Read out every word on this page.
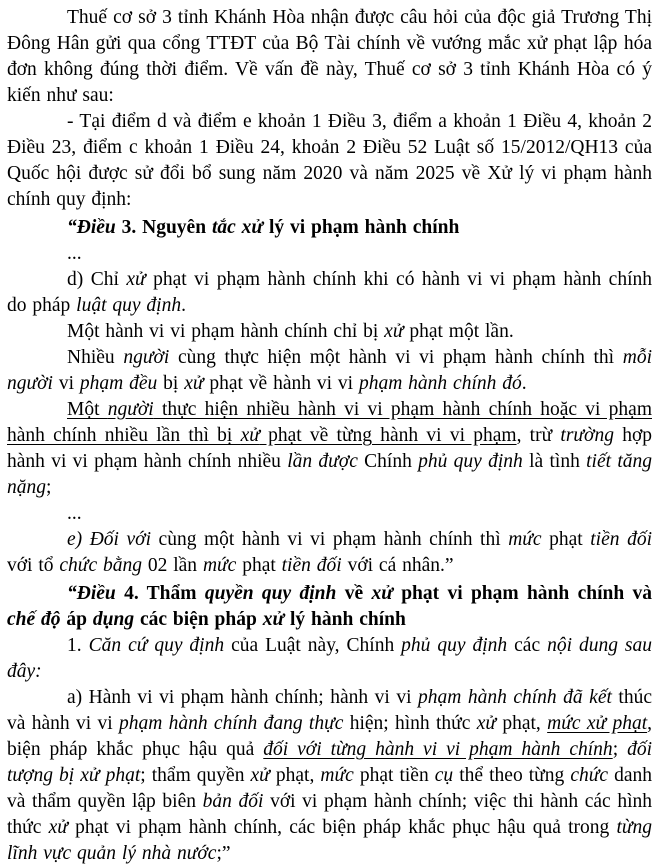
Thuế cơ sở 3 tỉnh Khánh Hòa nhận được câu hỏi của độc giả Trương Thị Đông Hân gửi qua cổng TTĐT của Bộ Tài chính về vướng mắc xử phạt lập hóa đơn không đúng thời điểm. Về vấn đề này, Thuế cơ sở 3 tỉnh Khánh Hòa có ý kiến như sau:

- Tại điểm d và điểm e khoản 1 Điều 3, điểm a khoản 1 Điều 4, khoản 2 Điều 23, điểm c khoản 1 Điều 24, khoản 2 Điều 52 Luật số 15/2012/QH13 của Quốc hội được sử đổi bổ sung năm 2020 và năm 2025 về Xử lý vi phạm hành chính quy định:

“Điều 3. Nguyên tắc xử lý vi phạm hành chính

...

d) Chỉ xử phạt vi phạm hành chính khi có hành vi vi phạm hành chính do pháp luật quy định.

Một hành vi vi phạm hành chính chỉ bị xử phạt một lần.

Nhiều người cùng thực hiện một hành vi vi phạm hành chính thì mỗi người vi phạm đều bị xử phạt về hành vi vi phạm hành chính đó.

Một người thực hiện nhiều hành vi vi phạm hành chính hoặc vi phạm hành chính nhiều lần thì bị xử phạt về từng hành vi vi phạm, trừ trường hợp hành vi vi phạm hành chính nhiều lần được Chính phủ quy định là tình tiết tăng nặng;

...

e) Đối với cùng một hành vi vi phạm hành chính thì mức phạt tiền đối với tổ chức bằng 02 lần mức phạt tiền đối với cá nhân.”

“Điều 4. Thẩm quyền quy định về xử phạt vi phạm hành chính và chế độ áp dụng các biện pháp xử lý hành chính

1. Căn cứ quy định của Luật này, Chính phủ quy định các nội dung sau đây:

a) Hành vi vi phạm hành chính; hành vi vi phạm hành chính đã kết thúc và hành vi vi phạm hành chính đang thực hiện; hình thức xử phạt, mức xử phạt, biện pháp khắc phục hậu quả đối với từng hành vi vi phạm hành chính; đối tượng bị xử phạt; thẩm quyền xử phạt, mức phạt tiền cụ thể theo từng chức danh và thẩm quyền lập biên bản đối với vi phạm hành chính; việc thi hành các hình thức xử phạt vi phạm hành chính, các biện pháp khắc phục hậu quả trong từng lĩnh vực quản lý nhà nước;”
